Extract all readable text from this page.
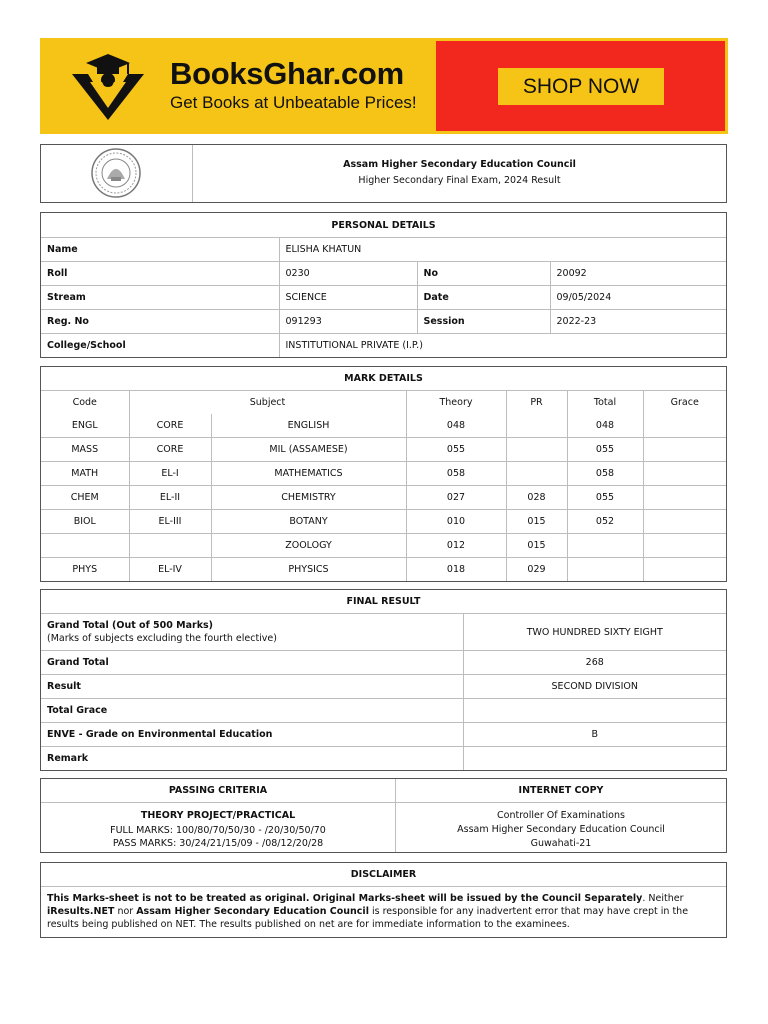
BooksGhar.com
Get Books at Unbeatable Prices!
SHOP NOW
Assam Higher Secondary Education Council
Higher Secondary Final Exam, 2024 Result
PERSONAL DETAILS			
Name	ELISHA KHATUN		
Roll	0230	No	20092
Stream	SCIENCE	Date	09/05/2024
Reg. No	091293	Session	2022-23
College/School	INSTITUTIONAL PRIVATE (I.P.)		
MARK DETAILS						
Code	Subject		Theory	PR	Total	Grace
ENGL	CORE	ENGLISH	048		048	
MASS	CORE	MIL (ASSAMESE)	055		055	
MATH	EL-I	MATHEMATICS	058		058	
CHEM	EL-II	CHEMISTRY	027	028	055	
BIOL	EL-III	BOTANY	010	015	052	
		ZOOLOGY	012	015		
PHYS	EL-IV	PHYSICS	018	029		
FINAL RESULT	

Grand Total (Out of 500 Marks)
(Marks of subjects excluding the fourth elective)	TWO HUNDRED SIXTY EIGHT
Grand Total	268
Result	SECOND DIVISION
Total Grace	
ENVE - Grade on Environmental Education	B
Remark	
PASSING CRITERIA
THEORY PROJECT/PRACTICAL
FULL MARKS: 100/80/70/50/30 - /20/30/50/70
PASS MARKS: 30/24/21/15/09 - /08/12/20/28
INTERNET COPY
Controller Of Examinations
Assam Higher Secondary Education Council
Guwahati-21
DISCLAIMER
This Marks-sheet is not to be treated as original. Original Marks-sheet will be issued by the Council Separately. Neither iResults.NET nor Assam Higher Secondary Education Council is responsible for any inadvertent error that may have crept in the results being published on NET. The results published on net are for immediate information to the examinees.
